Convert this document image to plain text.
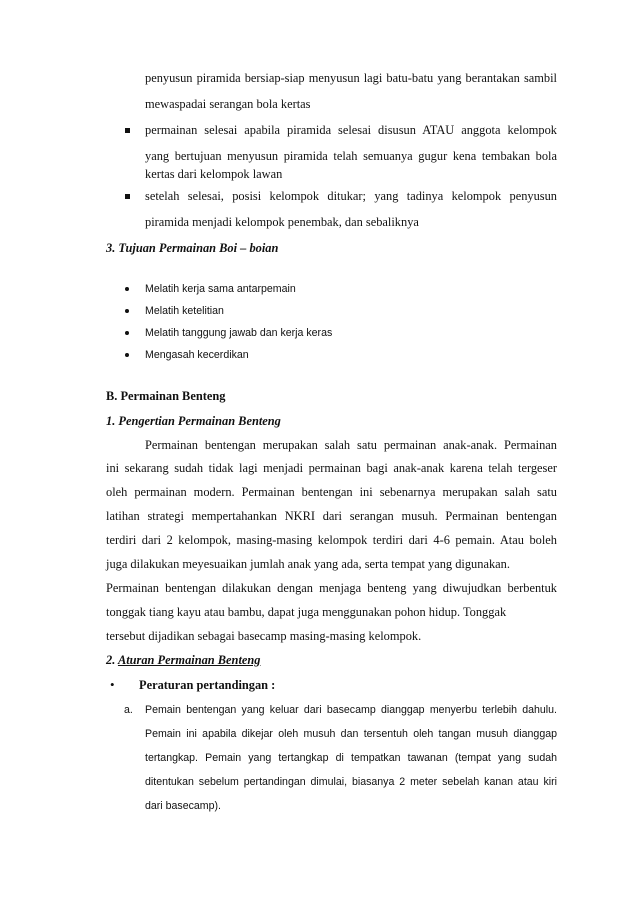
penyusun piramida bersiap-siap menyusun lagi batu-batu yang berantakan sambil
mewaspadai serangan bola kertas
permainan selesai apabila piramida selesai disusun ATAU anggota kelompok
yang bertujuan menyusun piramida telah semuanya gugur kena tembakan bola
kertas dari kelompok lawan
setelah selesai, posisi kelompok ditukar; yang tadinya kelompok penyusun
piramida menjadi kelompok penembak, dan sebaliknya
3. Tujuan Permainan Boi – boian
Melatih kerja sama antarpemain
Melatih ketelitian
Melatih tanggung jawab dan kerja keras
Mengasah kecerdikan
B. Permainan Benteng
1. Pengertian Permainan Benteng
Permainan bentengan merupakan salah satu permainan anak-anak. Permainan
ini sekarang sudah tidak lagi menjadi permainan bagi anak-anak karena telah tergeser
oleh permainan modern. Permainan bentengan ini sebenarnya merupakan salah satu
latihan strategi mempertahankan NKRI dari serangan musuh. Permainan bentengan
terdiri dari 2 kelompok, masing-masing kelompok terdiri dari 4-6 pemain. Atau boleh
juga dilakukan meyesuaikan jumlah anak yang ada, serta tempat yang digunakan.
Permainan bentengan dilakukan dengan menjaga benteng yang diwujudkan berbentuk
tonggak tiang kayu atau bambu, dapat juga menggunakan pohon hidup. Tonggak
tersebut dijadikan sebagai basecamp masing-masing kelompok.
2. Aturan Permainan Benteng
• Peraturan pertandingan :
a. Pemain bentengan yang keluar dari basecamp dianggap menyerbu terlebih dahulu.
Pemain ini apabila dikejar oleh musuh dan tersentuh oleh tangan musuh dianggap
tertangkap. Pemain yang tertangkap di tempatkan tawanan (tempat yang sudah
ditentukan sebelum pertandingan dimulai, biasanya 2 meter sebelah kanan atau kiri
dari basecamp).
